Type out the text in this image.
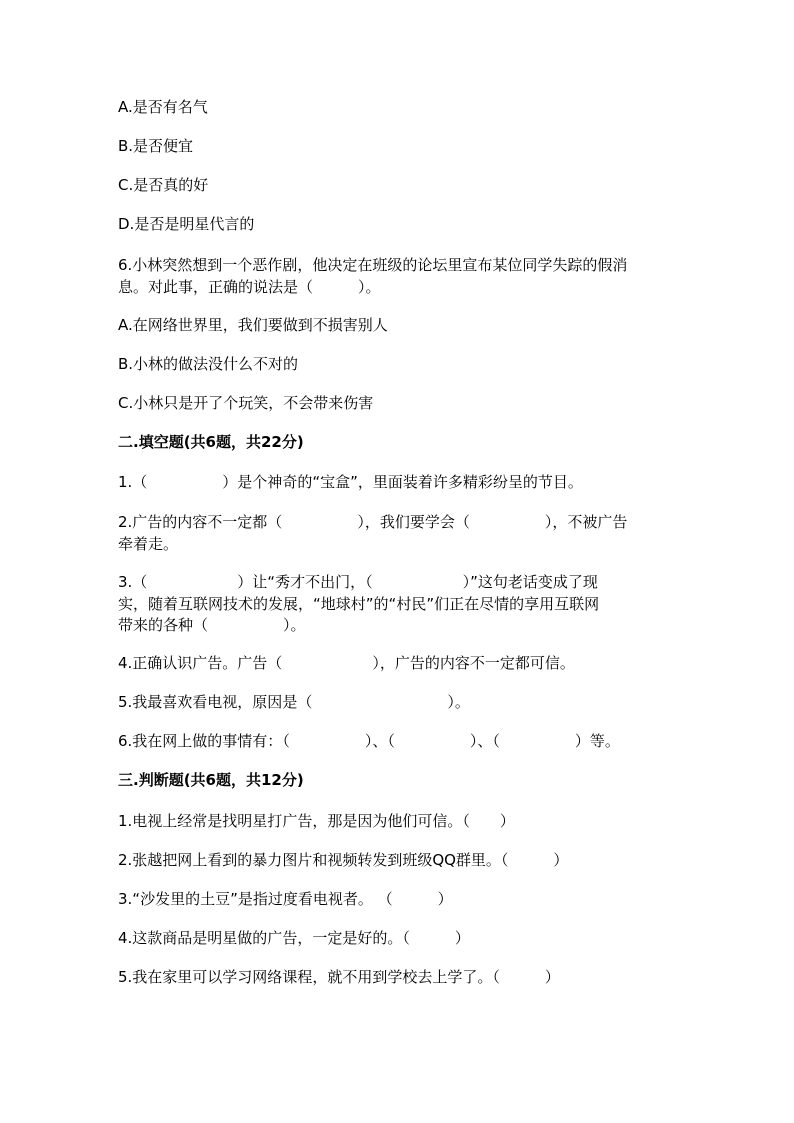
A.是否有名气
B.是否便宜
C.是否真的好
D.是否是明星代言的
6.小林突然想到一个恶作剧，他决定在班级的论坛里宣布某位同学失踪的假消
息。对此事，正确的说法是（　　　）。
A.在网络世界里，我们要做到不损害别人
B.小林的做法没什么不对的
C.小林只是开了个玩笑，不会带来伤害
二.填空题(共6题，共22分)
1.（　　　　　）是个神奇的“宝盒”，里面装着许多精彩纷呈的节目。
2.广告的内容不一定都（　　　　　），我们要学会（　　　　　），不被广告
牵着走。
3.（　　　　　　）让“秀才不出门，（　　　　　　）”这句老话变成了现
实，随着互联网技术的发展，“地球村”的“村民”们正在尽情的享用互联网
带来的各种（　　　　　）。
4.正确认识广告。广告（　　　　　　），广告的内容不一定都可信。
5.我最喜欢看电视，原因是（　　　　　　　　　）。
6.我在网上做的事情有：（　　　　　）、（　　　　　）、（　　　　　）等。
三.判断题(共6题，共12分)
1.电视上经常是找明星打广告，那是因为他们可信。（　　）
2.张越把网上看到的暴力图片和视频转发到班级QQ群里。（　　　）
3.“沙发里的土豆”是指过度看电视者。 （　　　）
4.这款商品是明星做的广告，一定是好的。（　　　）
5.我在家里可以学习网络课程，就不用到学校去上学了。（　　　）
